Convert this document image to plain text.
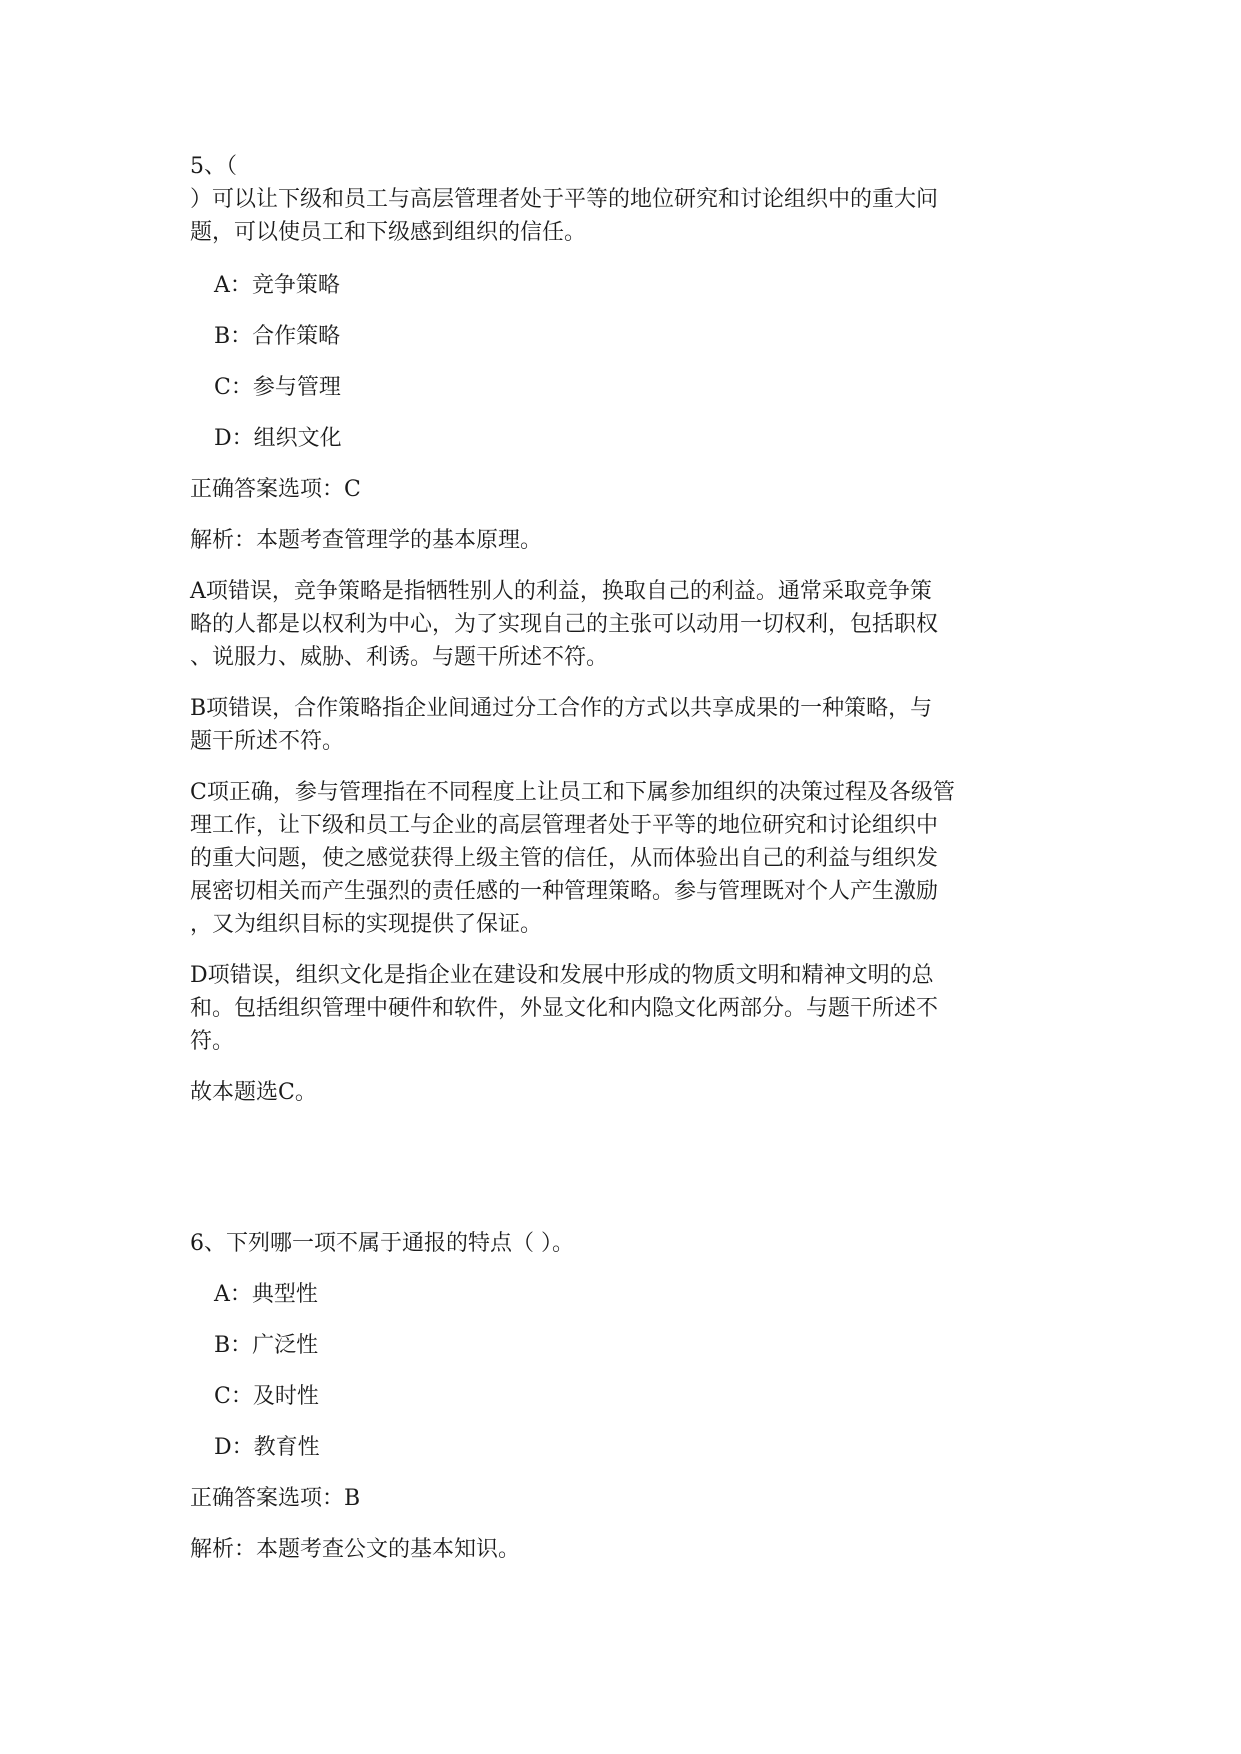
5、（

）可以让下级和员工与高层管理者处于平等的地位研究和讨论组织中的重大问

题，可以使员工和下级感到组织的信任。

A：竞争策略

B：合作策略

C：参与管理

D：组织文化

正确答案选项：C

解析：本题考查管理学的基本原理。

A项错误，竞争策略是指牺牲别人的利益，换取自己的利益。通常采取竞争策

略的人都是以权利为中心，为了实现自己的主张可以动用一切权利，包括职权

、说服力、威胁、利诱。与题干所述不符。

B项错误，合作策略指企业间通过分工合作的方式以共享成果的一种策略，与

题干所述不符。

C项正确，参与管理指在不同程度上让员工和下属参加组织的决策过程及各级管

理工作，让下级和员工与企业的高层管理者处于平等的地位研究和讨论组织中

的重大问题，使之感觉获得上级主管的信任，从而体验出自己的利益与组织发

展密切相关而产生强烈的责任感的一种管理策略。参与管理既对个人产生激励

，又为组织目标的实现提供了保证。

D项错误，组织文化是指企业在建设和发展中形成的物质文明和精神文明的总

和。包括组织管理中硬件和软件，外显文化和内隐文化两部分。与题干所述不

符。

故本题选C。

6、下列哪一项不属于通报的特点（ ）。

A：典型性

B：广泛性

C：及时性

D：教育性

正确答案选项：B

解析：本题考查公文的基本知识。
